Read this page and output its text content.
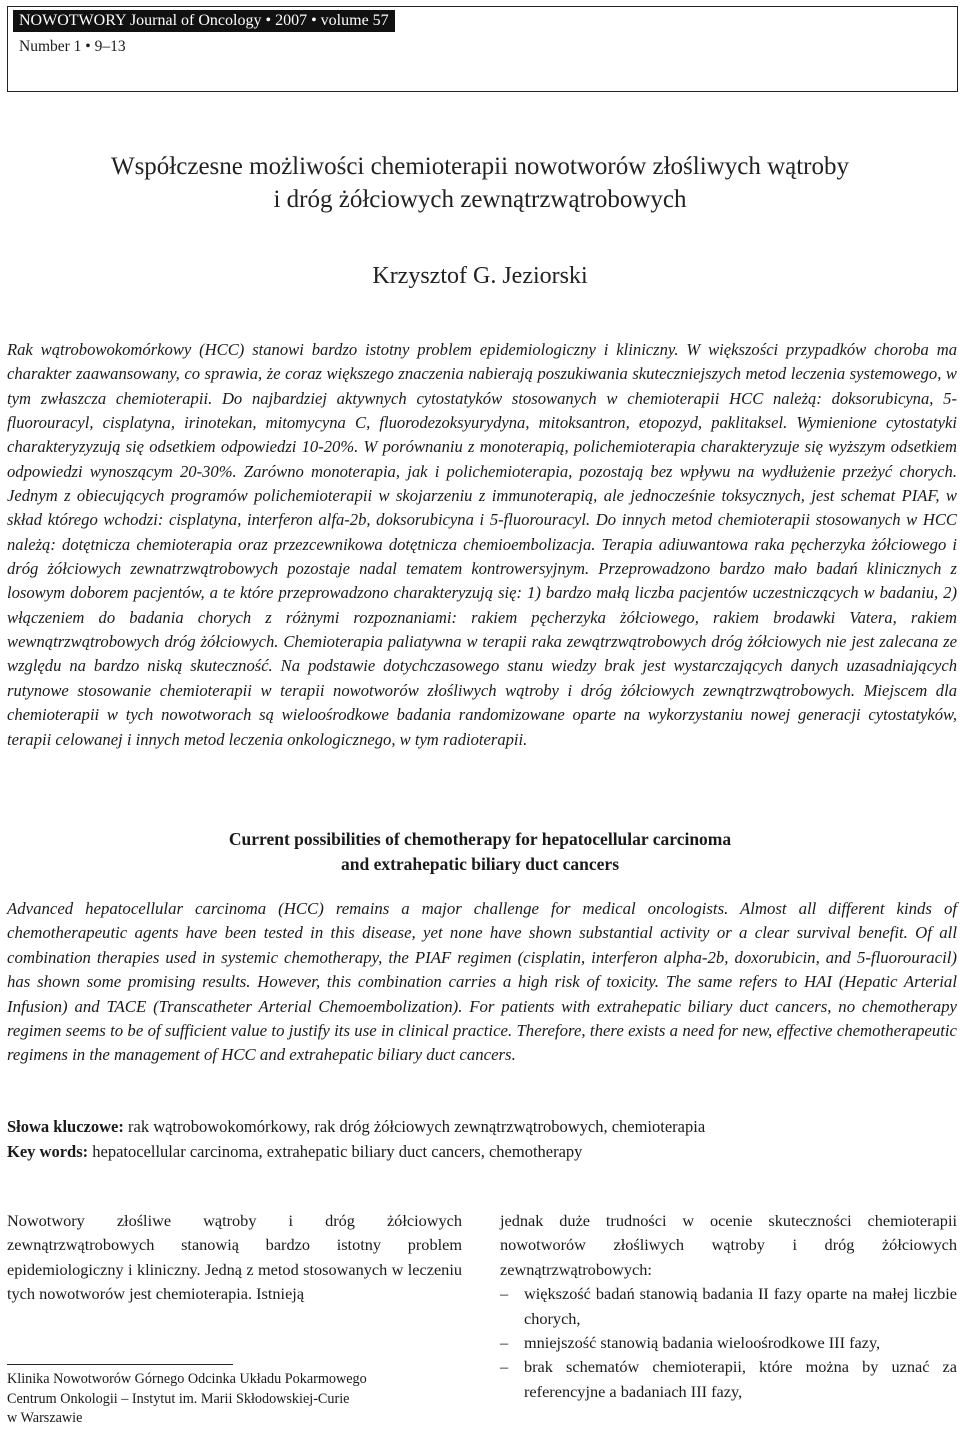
NOWOTWORY Journal of Oncology • 2007 • volume 57
Number 1 • 9–13
Współczesne możliwości chemioterapii nowotworów złośliwych wątroby
i dróg żółciowych zewnątrzwątrobowych
Krzysztof G. Jeziorski
Rak wątrobowokomórkowy (HCC) stanowi bardzo istotny problem epidemiologiczny i kliniczny. W większości przypadków choroba ma charakter zaawansowany, co sprawia, że coraz większego znaczenia nabierają poszukiwania skuteczniejszych metod leczenia systemowego, w tym zwłaszcza chemioterapii. Do najbardziej aktywnych cytostatyków stosowanych w chemioterapii HCC należą: doksorubicyna, 5-fluorouracyl, cisplatyna, irinotekan, mitomycyna C, fluorodezoksyurydyna, mitoksantron, etopozyd, paklitaksel. Wymienione cytostatyki charakteryzyzują się odsetkiem odpowiedzi 10-20%. W porównaniu z monoterapią, polichemioterapia charakteryzuje się wyższym odsetkiem odpowiedzi wynoszącym 20-30%. Zarówno monoterapia, jak i polichemioterapia, pozostają bez wpływu na wydłużenie przeżyć chorych. Jednym z obiecujących programów polichemioterapii w skojarzeniu z immunoterapią, ale jednocześnie toksycznych, jest schemat PIAF, w skład którego wchodzi: cisplatyna, interferon alfa-2b, doksorubicyna i 5-fluorouracyl. Do innych metod chemioterapii stosowanych w HCC należą: dotętnicza chemioterapia oraz przezcewnikowa dotętnicza chemioembolizacja. Terapia adiuwantowa raka pęcherzyka żółciowego i dróg żółciowych zewnatrzwątrobowych pozostaje nadal tematem kontrowersyjnym. Przeprowadzono bardzo mało badań klinicznych z losowym doborem pacjentów, a te które przeprowadzono charakteryzują się: 1) bardzo małą liczba pacjentów uczestniczących w badaniu, 2) włączeniem do badania chorych z różnymi rozpoznaniami: rakiem pęcherzyka żółciowego, rakiem brodawki Vatera, rakiem wewnątrzwątrobowych dróg żółciowych. Chemioterapia paliatywna w terapii raka zewątrzwątrobowych dróg żółciowych nie jest zalecana ze względu na bardzo niską skuteczność. Na podstawie dotychczasowego stanu wiedzy brak jest wystarczających danych uzasadniających rutynowe stosowanie chemioterapii w terapii nowotworów złośliwych wątroby i dróg żółciowych zewnątrzwątrobowych. Miejscem dla chemioterapii w tych nowotworach są wieloośrodkowe badania randomizowane oparte na wykorzystaniu nowej generacji cytostatyków, terapii celowanej i innych metod leczenia onkologicznego, w tym radioterapii.
Current possibilities of chemotherapy for hepatocellular carcinoma
and extrahepatic biliary duct cancers
Advanced hepatocellular carcinoma (HCC) remains a major challenge for medical oncologists. Almost all different kinds of chemotherapeutic agents have been tested in this disease, yet none have shown substantial activity or a clear survival benefit. Of all combination therapies used in systemic chemotherapy, the PIAF regimen (cisplatin, interferon alpha-2b, doxorubicin, and 5-fluorouracil) has shown some promising results. However, this combination carries a high risk of toxicity. The same refers to HAI (Hepatic Arterial Infusion) and TACE (Transcatheter Arterial Chemoembolization). For patients with extrahepatic biliary duct cancers, no chemotherapy regimen seems to be of sufficient value to justify its use in clinical practice. Therefore, there exists a need for new, effective chemotherapeutic regimens in the management of HCC and extrahepatic biliary duct cancers.
Słowa kluczowe: rak wątrobowokomórkowy, rak dróg żółciowych zewnątrzwątrobowych, chemioterapia
Key words: hepatocellular carcinoma, extrahepatic biliary duct cancers, chemotherapy
Nowotwory złośliwe wątroby i dróg żółciowych zewnątrzwątrobowych stanowią bardzo istotny problem epidemiologiczny i kliniczny. Jedną z metod stosowanych w leczeniu tych nowotworów jest chemioterapia. Istnieją
jednak duże trudności w ocenie skuteczności chemioterapii nowotworów złośliwych wątroby i dróg żółciowych zewnątrzwątrobowych:
– większość badań stanowią badania II fazy oparte na małej liczbie chorych,
– mniejszość stanowią badania wieloośrodkowe III fazy,
– brak schematów chemioterapii, które można by uznać za referencyjne a badaniach III fazy,
Klinika Nowotworów Górnego Odcinka Układu Pokarmowego
Centrum Onkologii – Instytut im. Marii Skłodowskiej-Curie
w Warszawie
